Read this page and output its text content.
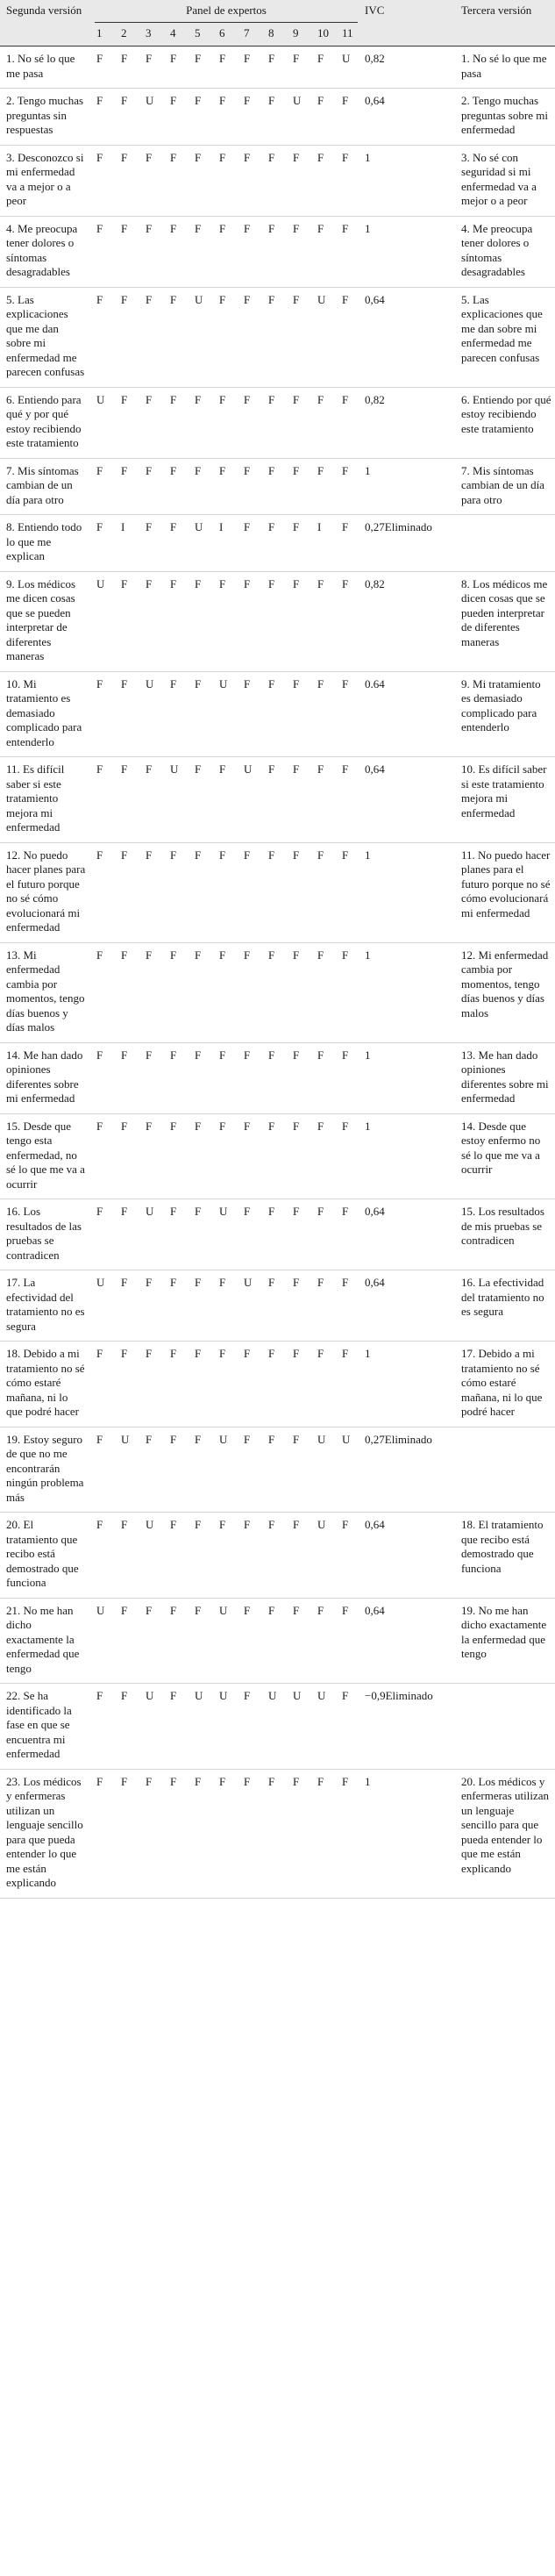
Segunda versión	Panel de expertos											IVC	Tercera versión
	1	2	3	4	5	6	7	8	9	10	11		
1. No sé lo que me pasa	F	F	F	F	F	F	F	F	F	F	U	0,82	1. No sé lo que me pasa
2. Tengo muchas preguntas sin respuestas	F	F	U	F	F	F	F	F	U	F	F	0,64	2. Tengo muchas preguntas sobre mi enfermedad
3. Desconozco si mi enfermedad va a mejor o a peor	F	F	F	F	F	F	F	F	F	F	F	1	3. No sé con seguridad si mi enfermedad va a mejor o a peor
4. Me preocupa tener dolores o síntomas desagradables	F	F	F	F	F	F	F	F	F	F	F	1	4. Me preocupa tener dolores o síntomas desagradables
5. Las explicaciones que me dan sobre mi enfermedad me parecen confusas	F	F	F	F	U	F	F	F	F	U	F	0,64	5. Las explicaciones que me dan sobre mi enfermedad me parecen confusas
6. Entiendo para qué y por qué estoy recibiendo este tratamiento	U	F	F	F	F	F	F	F	F	F	F	0,82	6. Entiendo por qué estoy recibiendo este tratamiento
7. Mis síntomas cambian de un día para otro	F	F	F	F	F	F	F	F	F	F	F	1	7. Mis síntomas cambian de un día para otro
8. Entiendo todo lo que me explican	F	I	F	F	U	I	F	F	F	I	F	0,27Eliminado	
9. Los médicos me dicen cosas que se pueden interpretar de diferentes maneras	U	F	F	F	F	F	F	F	F	F	F	0,82	8. Los médicos me dicen cosas que se pueden interpretar de diferentes maneras
10. Mi tratamiento es demasiado complicado para entenderlo	F	F	U	F	F	U	F	F	F	F	F	0.64	9. Mi tratamiento es demasiado complicado para entenderlo
11. Es difícil saber si este tratamiento mejora mi enfermedad	F	F	F	U	F	F	U	F	F	F	F	0,64	10. Es difícil saber si este tratamiento mejora mi enfermedad
12. No puedo hacer planes para el futuro porque no sé cómo evolucionará mi enfermedad	F	F	F	F	F	F	F	F	F	F	F	1	11. No puedo hacer planes para el futuro porque no sé cómo evolucionará mi enfermedad
13. Mi enfermedad cambia por momentos, tengo días buenos y días malos	F	F	F	F	F	F	F	F	F	F	F	1	12. Mi enfermedad cambia por momentos, tengo días buenos y días malos
14. Me han dado opiniones diferentes sobre mi enfermedad	F	F	F	F	F	F	F	F	F	F	F	1	13. Me han dado opiniones diferentes sobre mi enfermedad
15. Desde que tengo esta enfermedad, no sé lo que me va a ocurrir	F	F	F	F	F	F	F	F	F	F	F	1	14. Desde que estoy enfermo no sé lo que me va a ocurrir
16. Los resultados de las pruebas se contradicen	F	F	U	F	F	U	F	F	F	F	F	0,64	15. Los resultados de mis pruebas se contradicen
17. La efectividad del tratamiento no es segura	U	F	F	F	F	F	U	F	F	F	F	0,64	16. La efectividad del tratamiento no es segura
18. Debido a mi tratamiento no sé cómo estaré mañana, ni lo que podré hacer	F	F	F	F	F	F	F	F	F	F	F	1	17. Debido a mi tratamiento no sé cómo estaré mañana, ni lo que podré hacer
19. Estoy seguro de que no me encontrarán ningún problema más	F	U	F	F	F	U	F	F	F	U	U	0,27Eliminado	
20. El tratamiento que recibo está demostrado que funciona	F	F	U	F	F	F	F	F	F	U	F	0,64	18. El tratamiento que recibo está demostrado que funciona
21. No me han dicho exactamente la enfermedad que tengo	U	F	F	F	F	U	F	F	F	F	F	0,64	19. No me han dicho exactamente la enfermedad que tengo
22. Se ha identificado la fase en que se encuentra mi enfermedad	F	F	U	F	U	U	F	U	U	U	F	−0,9Eliminado	
23. Los médicos y enfermeras utilizan un lenguaje sencillo para que pueda entender lo que me están explicando	F	F	F	F	F	F	F	F	F	F	F	1	20. Los médicos y enfermeras utilizan un lenguaje sencillo para que pueda entender lo que me están explicando
